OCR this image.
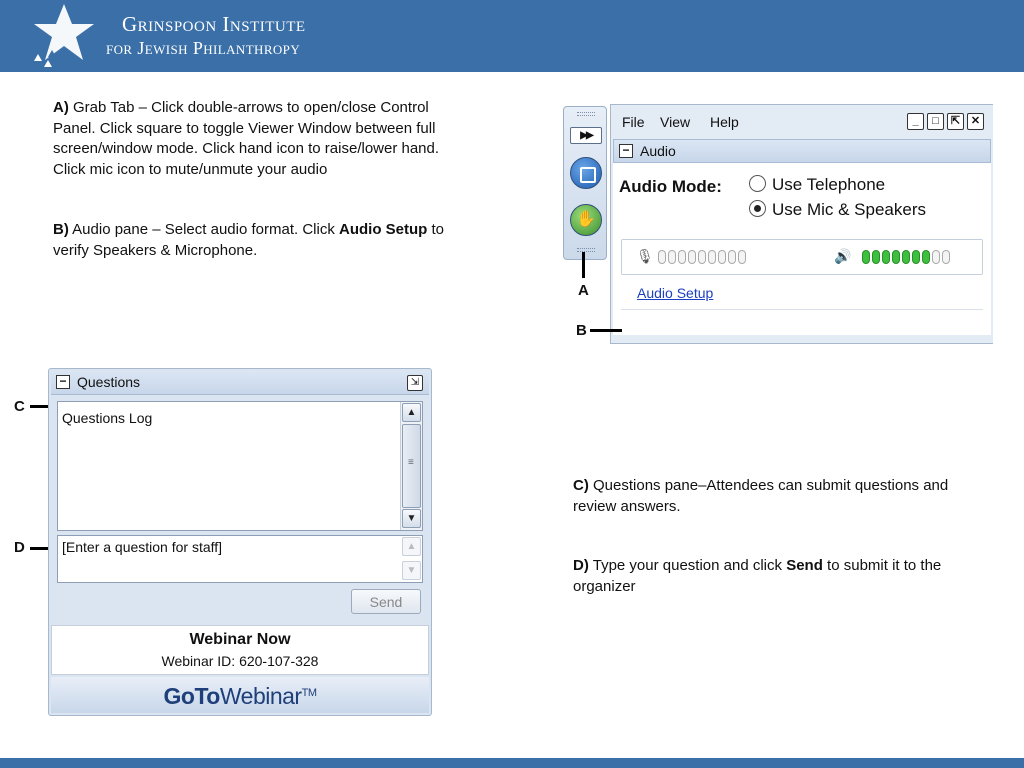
Grinspoon Institute
for Jewish Philanthropy
A) Grab Tab – Click double-arrows to open/close Control Panel. Click square to toggle Viewer Window between full screen/window mode. Click hand icon to raise/lower hand. Click mic icon to mute/unmute your audio
B) Audio pane – Select audio format. Click Audio Setup to verify Speakers & Microphone.
▶▶
✋
File View Help	_	□	⇱ ✕
− Audio
Audio Mode:	Use Telephone
Use Mic & Speakers
🎙	🔊
Audio Setup
A
B
C
D
− Questions	⇲
Questions Log	▲
≡
▼
[Enter a question for staff]
▲
▼
Send
Webinar Now
Webinar ID: 620-107-328
GoToWebinar™
C) Questions pane–Attendees can submit questions and review answers.
D) Type your question and click Send to submit it to the organizer
